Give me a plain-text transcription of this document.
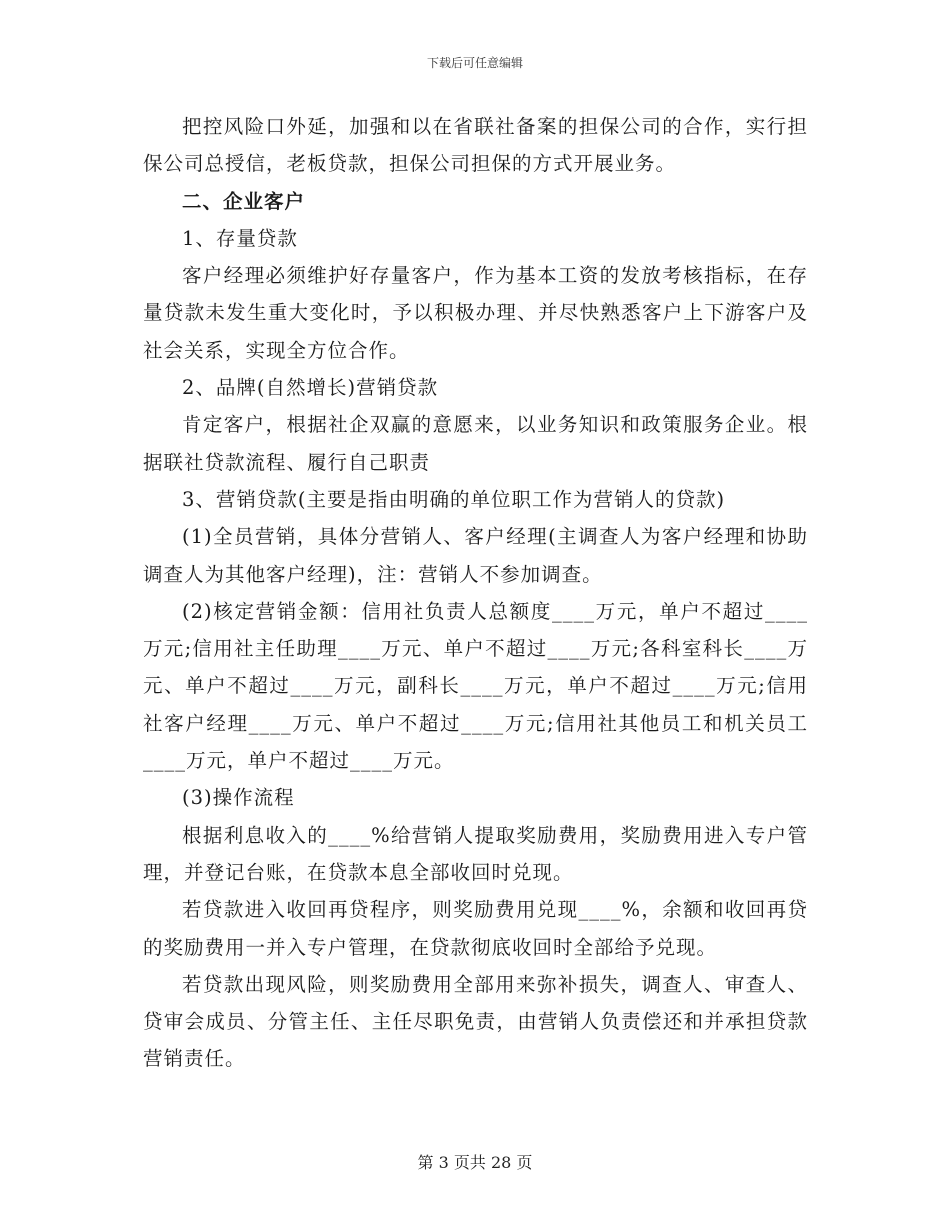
下载后可任意编辑

把控风险口外延，加强和以在省联社备案的担保公司的合作，实行担保公司总授信，老板贷款，担保公司担保的方式开展业务。

二、企业客户

1、存量贷款

客户经理必须维护好存量客户，作为基本工资的发放考核指标，在存量贷款未发生重大变化时，予以积极办理、并尽快熟悉客户上下游客户及社会关系，实现全方位合作。

2、品牌(自然增长)营销贷款

肯定客户，根据社企双赢的意愿来，以业务知识和政策服务企业。根据联社贷款流程、履行自己职责

3、营销贷款(主要是指由明确的单位职工作为营销人的贷款)

(1)全员营销，具体分营销人、客户经理(主调查人为客户经理和协助调查人为其他客户经理)，注：营销人不参加调查。

(2)核定营销金额：信用社负责人总额度____万元，单户不超过____万元;信用社主任助理____万元、单户不超过____万元;各科室科长____万元、单户不超过____万元，副科长____万元，单户不超过____万元;信用社客户经理____万元、单户不超过____万元;信用社其他员工和机关员工____万元，单户不超过____万元。

(3)操作流程

根据利息收入的____%给营销人提取奖励费用，奖励费用进入专户管理，并登记台账，在贷款本息全部收回时兑现。

若贷款进入收回再贷程序，则奖励费用兑现____%，余额和收回再贷的奖励费用一并入专户管理，在贷款彻底收回时全部给予兑现。

若贷款出现风险，则奖励费用全部用来弥补损失，调查人、审查人、贷审会成员、分管主任、主任尽职免责，由营销人负责偿还和并承担贷款营销责任。

第 3 页共 28 页
